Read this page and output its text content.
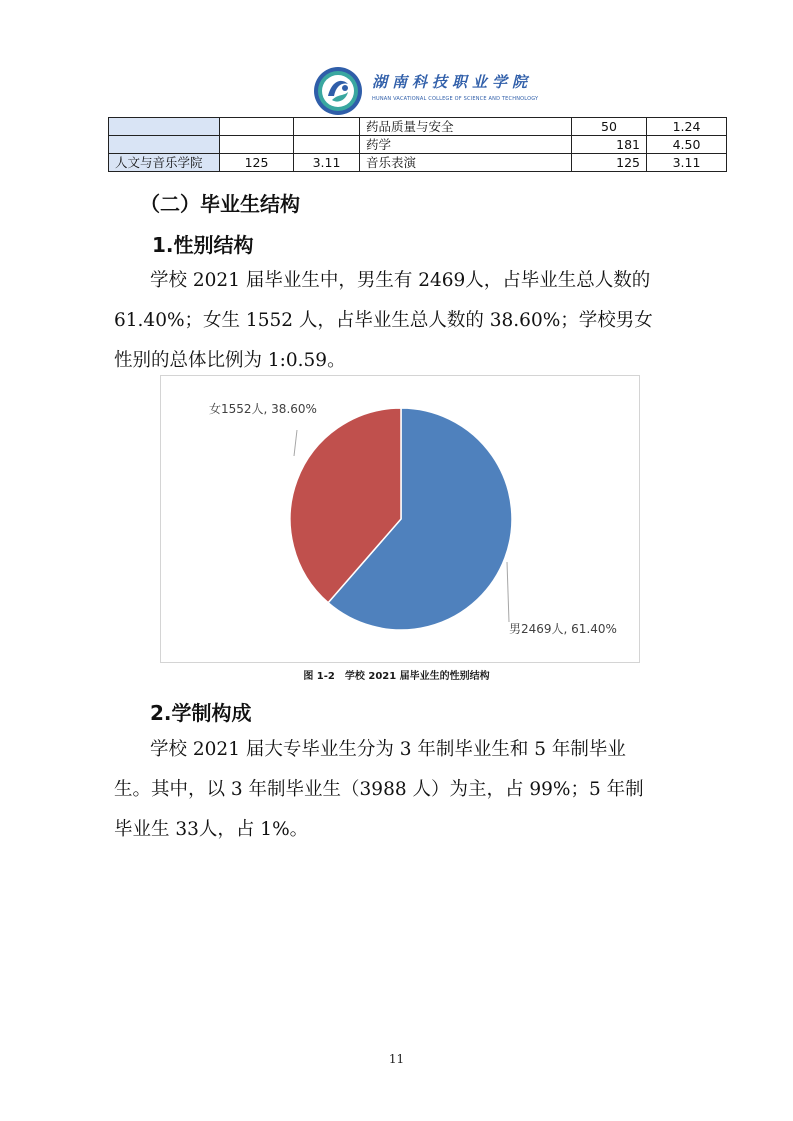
湖南科技职业学院
HUNAN VACATIONAL COLLEGE OF SCIENCE AND TECHNOLOGY
			药品质量与安全	50	1.24
			药学	181	4.50
人文与音乐学院	125	3.11	音乐表演	125	3.11
（二）毕业生结构
1.性别结构
学校 2021 届毕业生中，男生有 2469人，占毕业生总人数的
61.40%；女生 1552 人，占毕业生总人数的 38.60%；学校男女
性别的总体比例为 1:0.59。
男2469人, 61.40%
女1552人, 38.60%
图 1-2　学校 2021 届毕业生的性别结构
2.学制构成
学校 2021 届大专毕业生分为 3 年制毕业生和 5 年制毕业
生。其中，以 3 年制毕业生（3988 人）为主，占 99%；5 年制
毕业生 33人，占 1%。
11
